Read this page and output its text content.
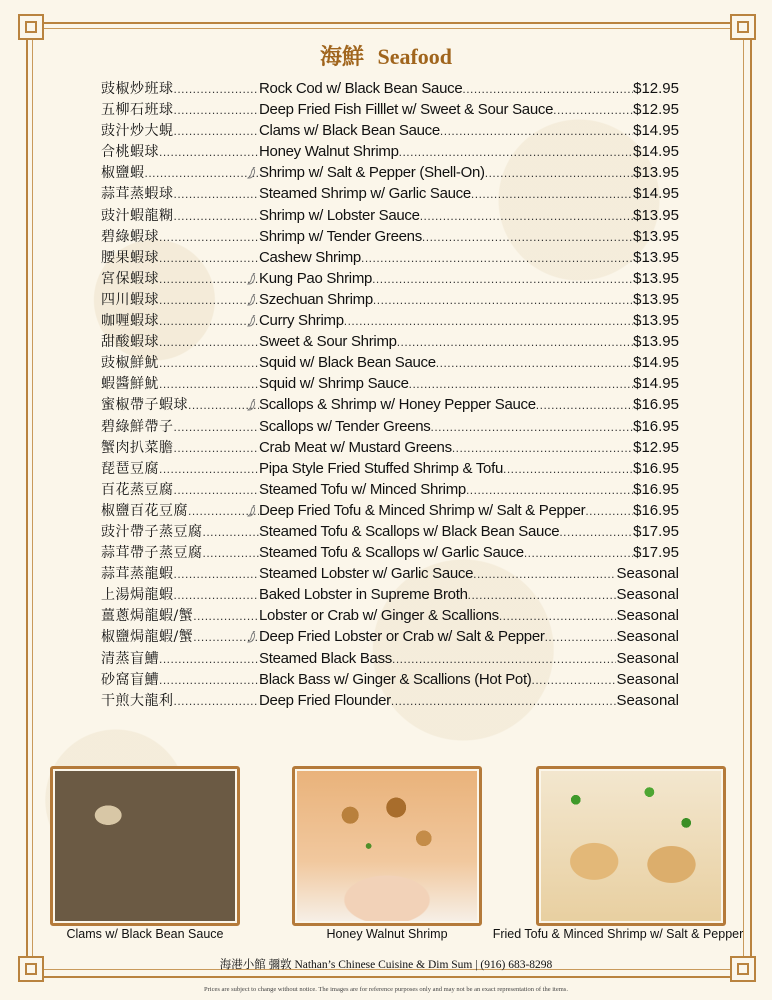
海鮮 Seafood
豉椒炒班球 .....	Rock Cod w/ Black Bean Sauce .....	$12.95
五柳石班球 .....	Deep Fried Fish Filllet w/ Sweet & Sour Sauce .....	$12.95
豉汁炒大蜆 .....	Clams w/ Black Bean Sauce .....	$14.95
合桃蝦球 .....	Honey Walnut Shrimp .....	$14.95
椒鹽蝦 .....	Shrimp w/ Salt & Pepper (Shell-On) .....	$13.95
蒜茸蒸蝦球 .....	Steamed Shrimp w/ Garlic Sauce .....	$14.95
豉汁蝦龍糊 .....	Shrimp w/ Lobster Sauce .....	$13.95
碧綠蝦球 .....	Shrimp w/ Tender Greens .....	$13.95
腰果蝦球 .....	Cashew Shrimp .....	$13.95
宮保蝦球 .....	Kung Pao Shrimp .....	$13.95
四川蝦球 .....	Szechuan Shrimp .....	$13.95
咖喱蝦球 .....	Curry Shrimp .....	$13.95
甜酸蝦球 .....	Sweet & Sour Shrimp .....	$13.95
豉椒鮮魷 .....	Squid w/ Black Bean Sauce .....	$14.95
蝦醬鮮魷 .....	Squid w/ Shrimp Sauce .....	$14.95
蜜椒帶子蝦球 .....	Scallops & Shrimp w/ Honey Pepper Sauce .....	$16.95
碧綠鮮帶子 .....	Scallops w/ Tender Greens .....	$16.95
蟹肉扒菜膽 .....	Crab Meat w/ Mustard Greens .....	$12.95
琵琶豆腐 .....	Pipa Style Fried Stuffed Shrimp & Tofu .....	$16.95
百花蒸豆腐 .....	Steamed Tofu w/ Minced Shrimp .....	$16.95
椒鹽百花豆腐 .....	Deep Fried Tofu & Minced Shrimp w/ Salt & Pepper .....	$16.95
豉汁帶子蒸豆腐 .....	Steamed Tofu & Scallops w/ Black Bean Sauce .....	$17.95
蒜茸帶子蒸豆腐 .....	Steamed Tofu & Scallops w/ Garlic Sauce .....	$17.95
蒜茸蒸龍蝦 .....	Steamed Lobster w/ Garlic Sauce .....	Seasonal
上湯焗龍蝦 .....	Baked Lobster in Supreme Broth .....	Seasonal
薑蔥焗龍蝦/蟹 .....	Lobster or Crab w/ Ginger & Scallions .....	Seasonal
椒鹽焗龍蝦/蟹 .....	Deep Fried Lobster or Crab w/ Salt & Pepper .....	Seasonal
清蒸盲鰽 .....	Steamed Black Bass .....	Seasonal
砂窩盲鰽 .....	Black Bass w/ Ginger & Scallions (Hot Pot) .....	Seasonal
干煎大龍利 .....	Deep Fried Flounder .....	Seasonal
Clams w/ Black Bean Sauce	Honey Walnut Shrimp	Fried Tofu & Minced Shrimp w/ Salt & Pepper
海港小館 彌敦 Nathan’s Chinese Cuisine & Dim Sum | (916) 683-8298
Prices are subject to change without notice. The images are for reference purposes only and may not be an exact representation of the items.
